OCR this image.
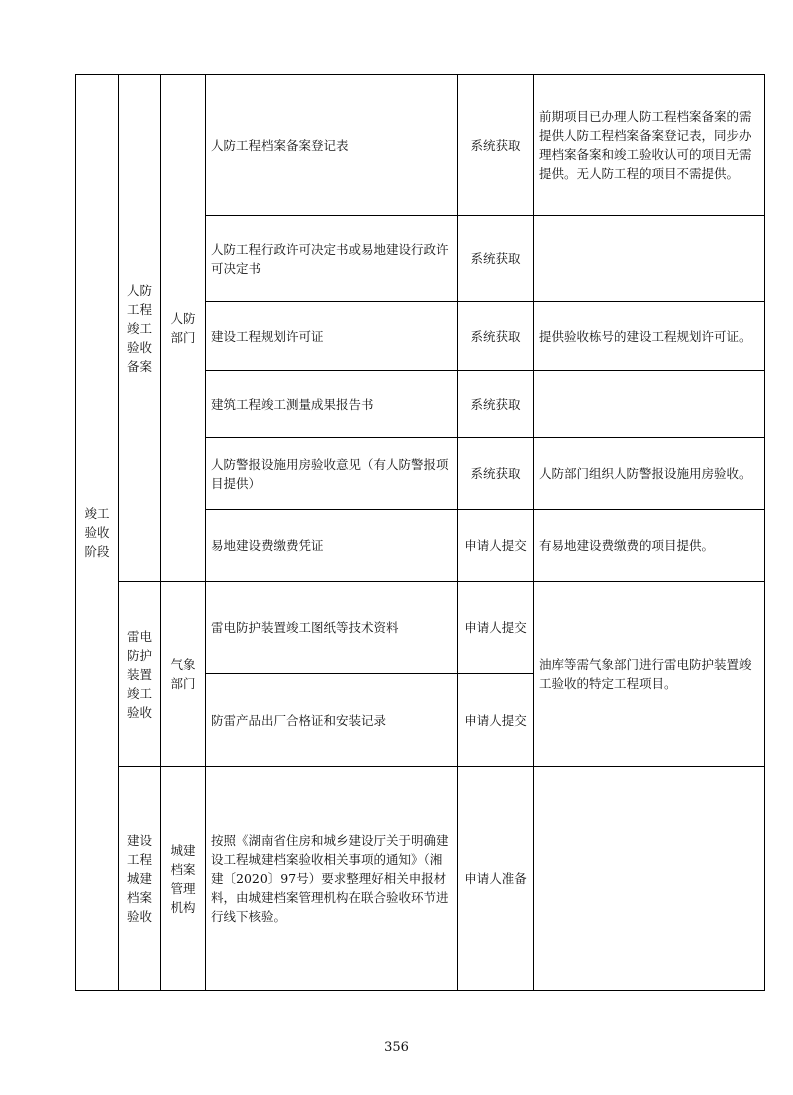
竣工验收阶段	人防工程竣工验收备案	人防部门	人防工程档案备案登记表	系统获取	前期项目已办理人防工程档案备案的需提供人防工程档案备案登记表，同步办理档案备案和竣工验收认可的项目无需提供。无人防工程的项目不需提供。
			人防工程行政许可决定书或易地建设行政许可决定书	系统获取	
			建设工程规划许可证	系统获取	提供验收栋号的建设工程规划许可证。
			建筑工程竣工测量成果报告书	系统获取	
			人防警报设施用房验收意见（有人防警报项目提供）	系统获取	人防部门组织人防警报设施用房验收。
			易地建设费缴费凭证	申请人提交	有易地建设费缴费的项目提供。
	雷电防护装置竣工验收	气象部门	雷电防护装置竣工图纸等技术资料	申请人提交	油库等需气象部门进行雷电防护装置竣工验收的特定工程项目。
			防雷产品出厂合格证和安装记录	申请人提交	
	建设工程城建档案验收	城建档案管理机构	按照《湖南省住房和城乡建设厅关于明确建设工程城建档案验收相关事项的通知》（湘建〔2020〕97号）要求整理好相关申报材料，由城建档案管理机构在联合验收环节进行线下核验。	申请人准备	
356
